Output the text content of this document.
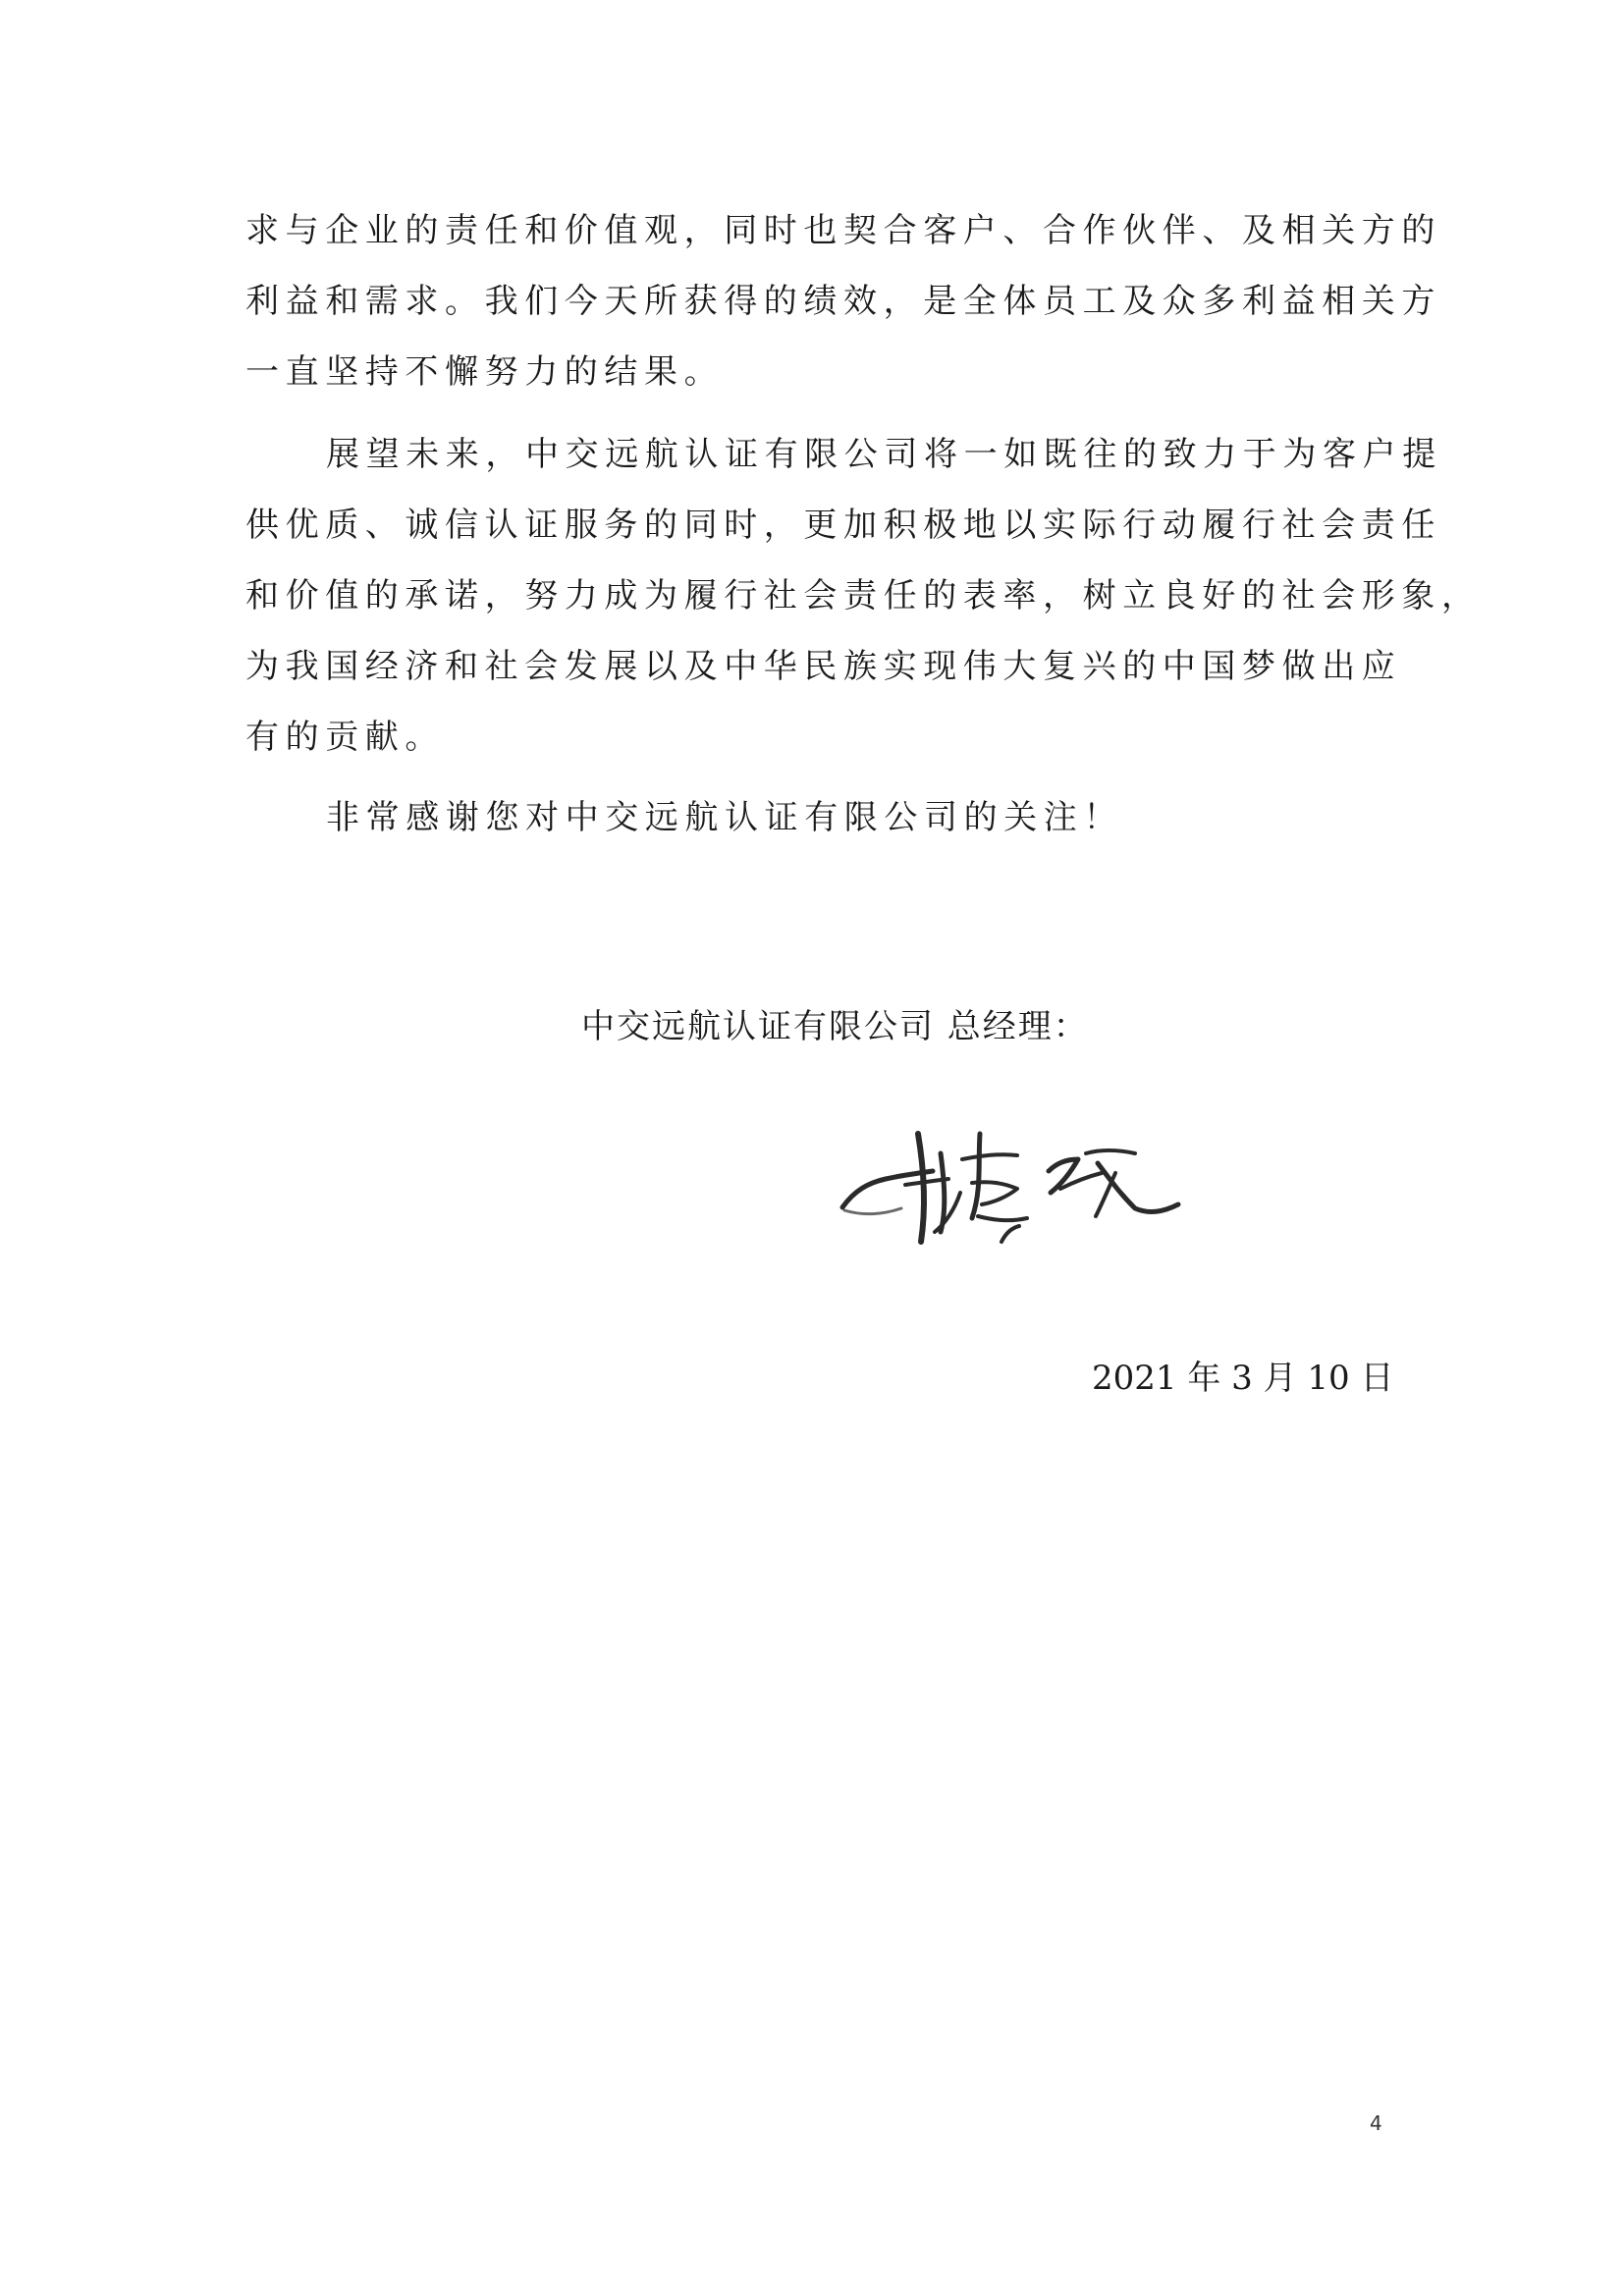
求与企业的责任和价值观，同时也契合客户、合作伙伴、及相关方的
利益和需求。我们今天所获得的绩效，是全体员工及众多利益相关方
一直坚持不懈努力的结果。
展望未来，中交远航认证有限公司将一如既往的致力于为客户提
供优质、诚信认证服务的同时，更加积极地以实际行动履行社会责任
和价值的承诺，努力成为履行社会责任的表率，树立良好的社会形象，
为我国经济和社会发展以及中华民族实现伟大复兴的中国梦做出应
有的贡献。
非常感谢您对中交远航认证有限公司的关注！
中交远航认证有限公司 总经理：
2021 年 3 月 10 日
4
